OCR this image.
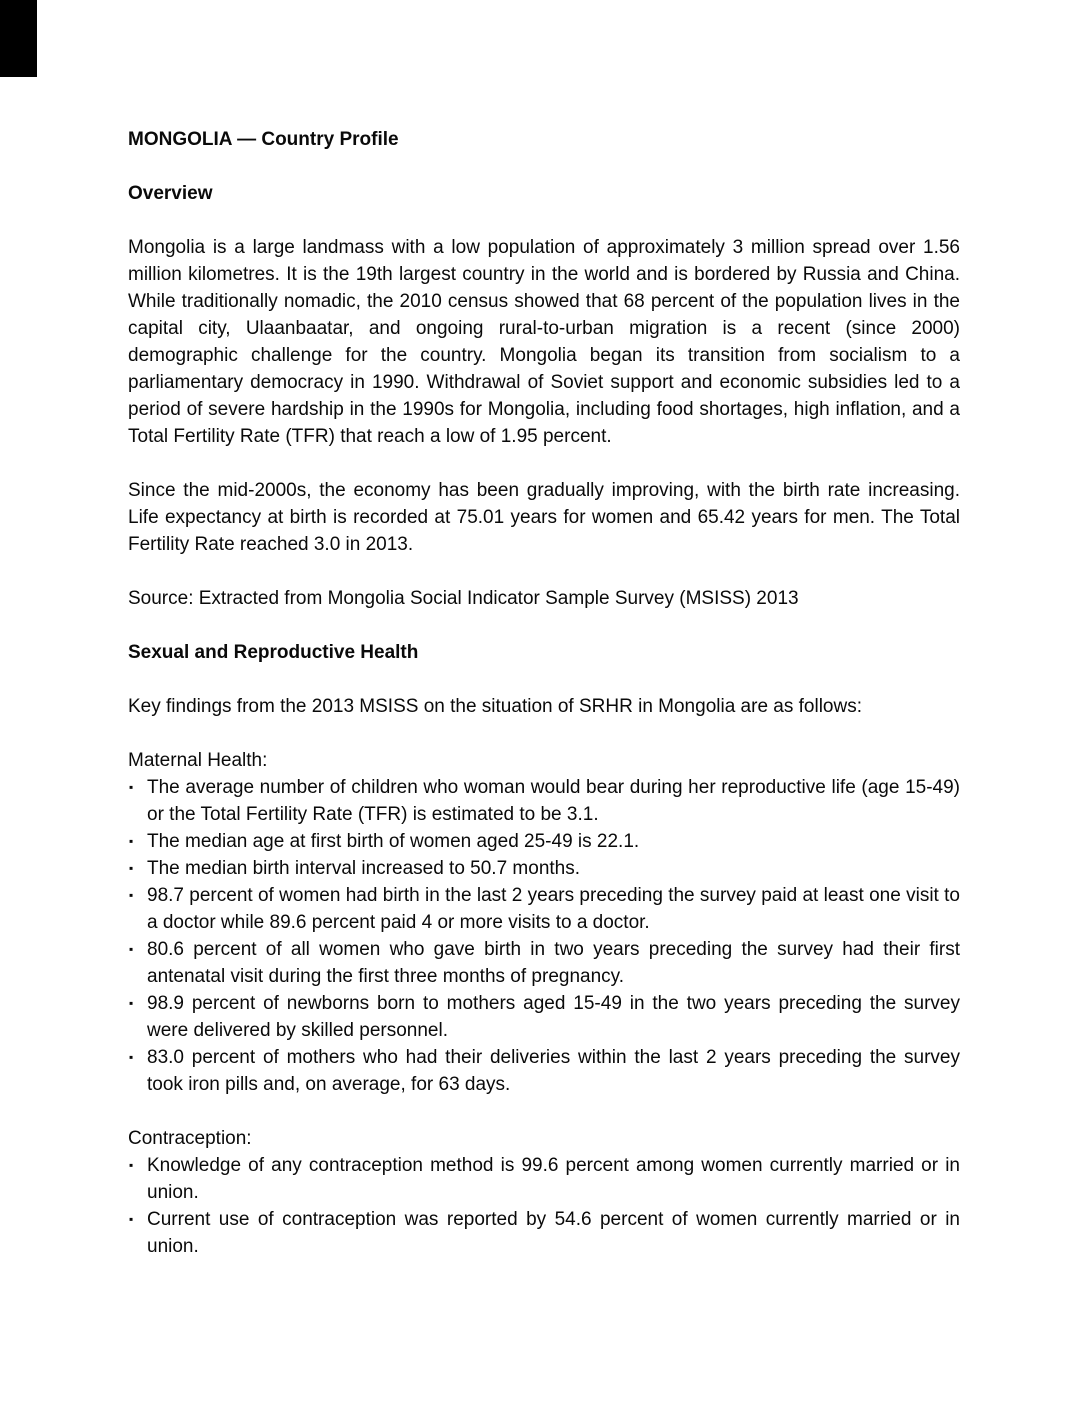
MONGOLIA — Country Profile
Overview
Mongolia is a large landmass with a low population of approximately 3 million spread over 1.56 million kilometres. It is the 19th largest country in the world and is bordered by Russia and China. While traditionally nomadic, the 2010 census showed that 68 percent of the population lives in the capital city, Ulaanbaatar, and ongoing rural-to-urban migration is a recent (since 2000) demographic challenge for the country. Mongolia began its transition from socialism to a parliamentary democracy in 1990. Withdrawal of Soviet support and economic subsidies led to a period of severe hardship in the 1990s for Mongolia, including food shortages, high inflation, and a Total Fertility Rate (TFR) that reach a low of 1.95 percent.
Since the mid-2000s, the economy has been gradually improving, with the birth rate increasing. Life expectancy at birth is recorded at 75.01 years for women and 65.42 years for men. The Total Fertility Rate reached 3.0 in 2013.
Source: Extracted from Mongolia Social Indicator Sample Survey (MSISS) 2013
Sexual and Reproductive Health
Key findings from the 2013 MSISS on the situation of SRHR in Mongolia are as follows:
Maternal Health:
▪ The average number of children who woman would bear during her reproductive life (age 15-49) or the Total Fertility Rate (TFR) is estimated to be 3.1.
▪ The median age at first birth of women aged 25-49 is 22.1.
▪ The median birth interval increased to 50.7 months.
▪ 98.7 percent of women had birth in the last 2 years preceding the survey paid at least one visit to a doctor while 89.6 percent paid 4 or more visits to a doctor.
▪ 80.6 percent of all women who gave birth in two years preceding the survey had their first antenatal visit during the first three months of pregnancy.
▪ 98.9 percent of newborns born to mothers aged 15-49 in the two years preceding the survey were delivered by skilled personnel.
▪ 83.0 percent of mothers who had their deliveries within the last 2 years preceding the survey took iron pills and, on average, for 63 days.
Contraception:
▪ Knowledge of any contraception method is 99.6 percent among women currently married or in union.
▪ Current use of contraception was reported by 54.6 percent of women currently married or in union.
